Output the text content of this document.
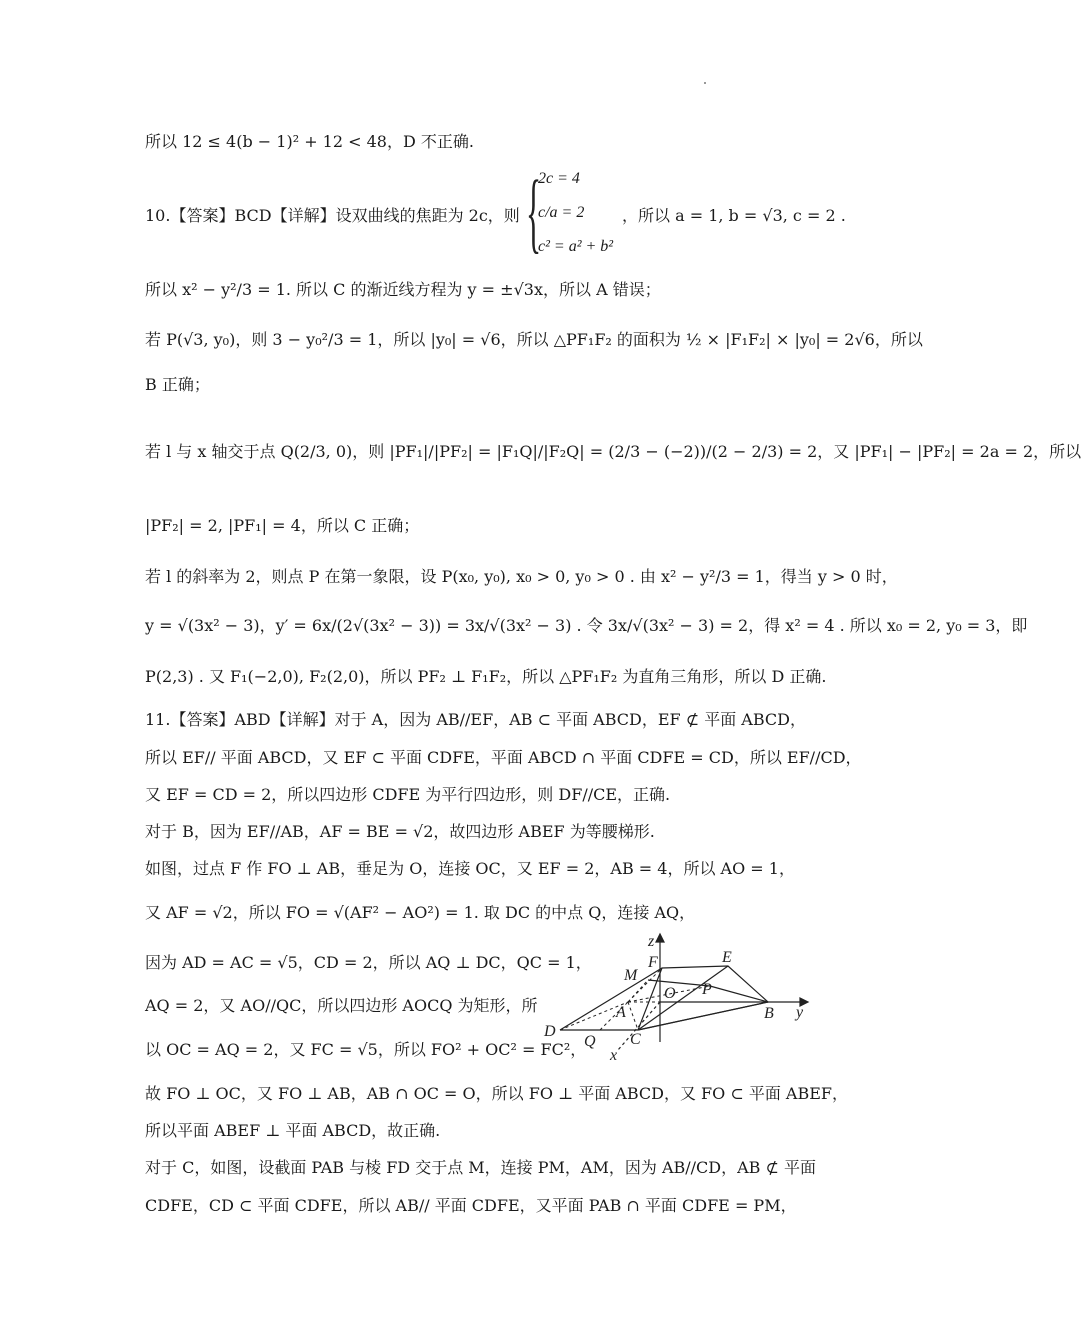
所以 12 ≤ 4(b − 1)² + 12 < 48，D 不正确.
10.【答案】BCD【详解】设双曲线的焦距为 2c，则 {
2c = 4
c/a = 2
c² = a² + b²
，所以 a = 1, b = √3, c = 2 .
所以 x² − y²/3 = 1. 所以 C 的渐近线方程为 y = ±√3x，所以 A 错误；
若 P(√3, y₀)，则 3 − y₀²/3 = 1，所以 |y₀| = √6，所以 △PF₁F₂ 的面积为 ½ × |F₁F₂| × |y₀| = 2√6，所以
B 正确；
若 l 与 x 轴交于点 Q(2/3, 0)，则 |PF₁|/|PF₂| = |F₁Q|/|F₂Q| = (2/3 − (−2))/(2 − 2/3) = 2，又 |PF₁| − |PF₂| = 2a = 2，所以
|PF₂| = 2, |PF₁| = 4，所以 C 正确；
若 l 的斜率为 2，则点 P 在第一象限，设 P(x₀, y₀), x₀ > 0, y₀ > 0 . 由 x² − y²/3 = 1，得当 y > 0 时，
y = √(3x² − 3)，y′ = 6x/(2√(3x² − 3)) = 3x/√(3x² − 3) . 令 3x/√(3x² − 3) = 2，得 x² = 4 . 所以 x₀ = 2, y₀ = 3，即
P(2,3) . 又 F₁(−2,0), F₂(2,0)，所以 PF₂ ⊥ F₁F₂，所以 △PF₁F₂ 为直角三角形，所以 D 正确.
11.【答案】ABD【详解】对于 A，因为 AB//EF，AB ⊂ 平面 ABCD，EF ⊄ 平面 ABCD，
所以 EF// 平面 ABCD，又 EF ⊂ 平面 CDFE，平面 ABCD ∩ 平面 CDFE = CD，所以 EF//CD，
又 EF = CD = 2，所以四边形 CDFE 为平行四边形，则 DF//CE，正确.
对于 B，因为 EF//AB，AF = BE = √2，故四边形 ABEF 为等腰梯形.
如图，过点 F 作 FO ⊥ AB，垂足为 O，连接 OC，又 EF = 2，AB = 4，所以 AO = 1，
又 AF = √2，所以 FO = √(AF² − AO²) = 1. 取 DC 的中点 Q，连接 AQ，
因为 AD = AC = √5，CD = 2，所以 AQ ⊥ DC，QC = 1，
AQ = 2，又 AO//QC，所以四边形 AOCQ 为矩形，所
以 OC = AQ = 2，又 FC = √5，所以 FO² + OC² = FC²，
故 FO ⊥ OC，又 FO ⊥ AB，AB ∩ OC = O，所以 FO ⊥ 平面 ABCD，又 FO ⊂ 平面 ABEF，
所以平面 ABEF ⊥ 平面 ABCD，故正确.
对于 C，如图，设截面 PAB 与棱 FD 交于点 M，连接 PM，AM，因为 AB//CD，AB ⊄ 平面
CDFE，CD ⊂ 平面 CDFE，所以 AB// 平面 CDFE，又平面 PAB ∩ 平面 CDFE = PM，
z
F	E
M
O P
A	B y
D
Q C
x
